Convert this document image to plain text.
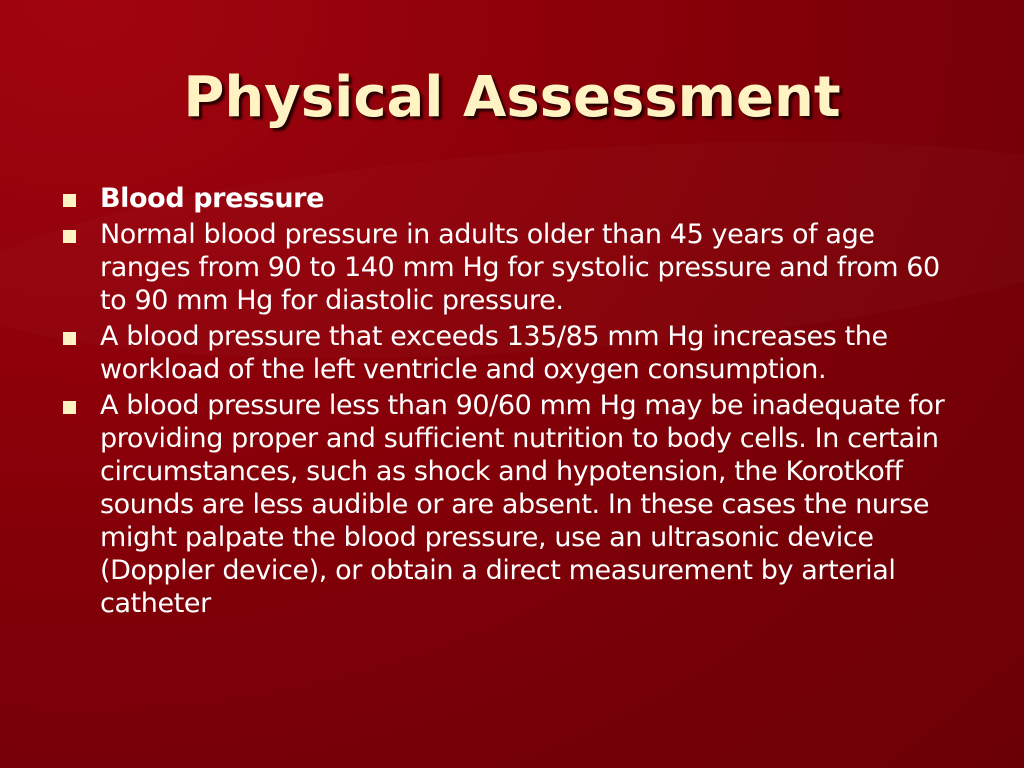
Physical Assessment
Blood pressure
Normal blood pressure in adults older than 45 years of age ranges from 90 to 140 mm Hg for systolic pressure and from 60 to 90 mm Hg for diastolic pressure.
A blood pressure that exceeds 135/85 mm Hg increases the workload of the left ventricle and oxygen consumption.
A blood pressure less than 90/60 mm Hg may be inadequate for providing proper and sufficient nutrition to body cells. In certain circumstances, such as shock and hypotension, the Korotkoff sounds are less audible or are absent. In these cases the nurse might palpate the blood pressure, use an ultrasonic device (Doppler device), or obtain a direct measurement by arterial catheter
